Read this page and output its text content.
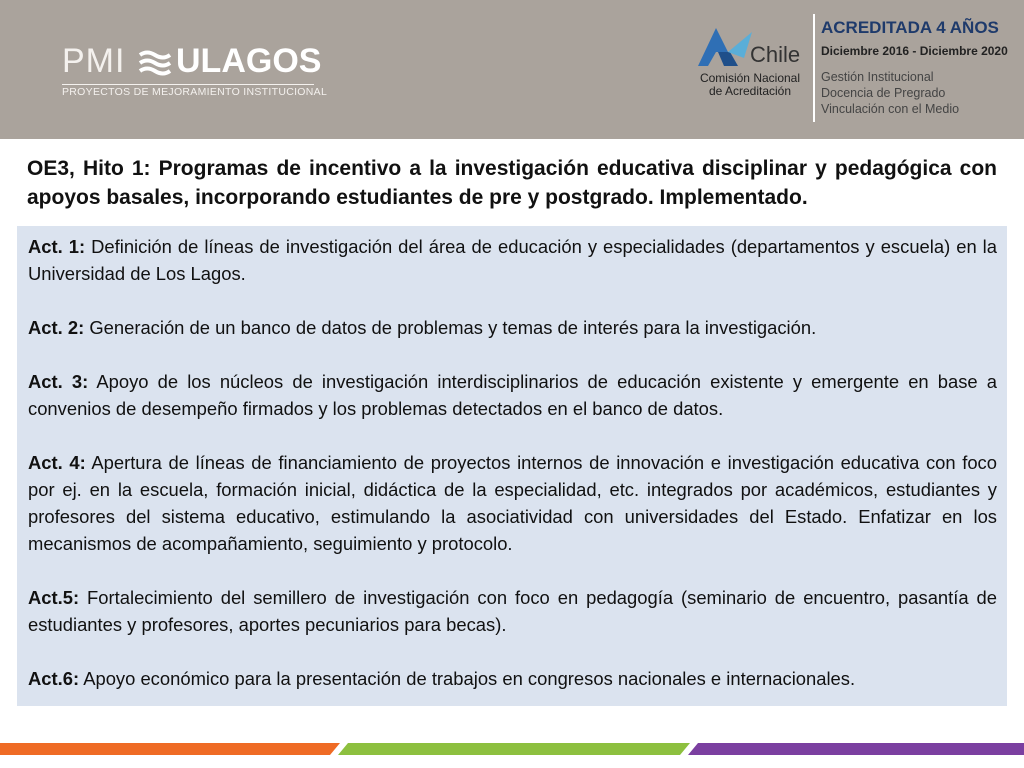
PMI ULAGOS
PROYECTOS DE MEJORAMIENTO INSTITUCIONAL
Chile
Comisión Nacional
de Acreditación
ACREDITADA 4 AÑOS
Diciembre 2016 - Diciembre 2020
Gestión Institucional
Docencia de Pregrado
Vinculación con el Medio
OE3, Hito 1: Programas de incentivo a la investigación educativa disciplinar y pedagógica con apoyos basales, incorporando estudiantes de pre y postgrado. Implementado.

Act. 1: Definición de líneas de investigación del área de educación y especialidades (departamentos y escuela) en la Universidad de Los Lagos.

Act. 2: Generación de un banco de datos de problemas y temas de interés para la investigación.

Act. 3: Apoyo de los núcleos de investigación interdisciplinarios de educación existente y emergente en base a convenios de desempeño firmados y los problemas detectados en el banco de datos.

Act. 4: Apertura de líneas de financiamiento de proyectos internos de innovación e investigación educativa con foco por ej. en la escuela, formación inicial, didáctica de la especialidad, etc. integrados por académicos, estudiantes y profesores del sistema educativo, estimulando la asociatividad con universidades del Estado. Enfatizar en los mecanismos de acompañamiento, seguimiento y protocolo.

Act.5: Fortalecimiento del semillero de investigación con foco en pedagogía (seminario de encuentro, pasantía de estudiantes y profesores, aportes pecuniarios para becas).

Act.6: Apoyo económico para la presentación de trabajos en congresos nacionales e internacionales.
